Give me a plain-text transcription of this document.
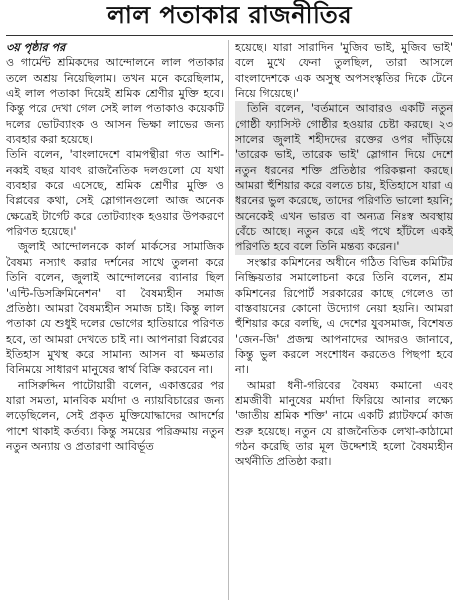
লাল পতাকার রাজনীতির

৩য় পৃষ্ঠার পর

ও গার্মেন্ট শ্রমিকদের আন্দোলনে লাল পতাকার তলে অশ্রয় নিয়েছিলাম। তখন মনে করেছিলাম, এই লাল পতাকা দিয়েই শ্রমিক শ্রেণীর মুক্তি হবে। কিন্তু পরে দেখা গেল সেই লাল পতাকাও কয়েকটি দলের ভোটব্যাংক ও আসন ভিক্ষা লাভের জন্য ব্যবহার করা হয়েছে।

তিনি বলেন, 'বাংলাদেশে বামপন্থীরা গত আশি-নব্বই বছর যাবৎ রাজনৈতিক দলগুলো যে যথা ব্যবহার করে এসেছে, শ্রমিক শ্রেণীর মুক্তি ও বিপ্লবের কথা, সেই স্লোগানগুলো আজ অনেক ক্ষেত্রেই টার্গেট করে তোটব্যাংক হওয়ার উপকরণে পরিণত হয়েছে।'

জুলাই আন্দোলনকে কার্ল মার্কসের সামাজিক বৈষম্য নস্যাৎ করার দর্শনের সাথে তুলনা করে তিনি বলেন, জুলাই আন্দোলনের ব্যানার ছিল 'এন্টি-ডিসক্রিমিনেশন' বা বৈষম্যহীন সমাজ প্রতিষ্ঠা। আমরা বৈষম্যহীন সমাজ চাই। কিন্তু লাল পতাকা যে শুধুই দলের ভোগের হাতিয়ারে পরিণত হবে, তা আমরা দেখতে চাই না। আপনারা বিপ্লবের ইতিহাস মুখস্থ করে সামান্য আসন বা ক্ষমতার বিনিময়ে সাধারণ মানুষের স্বার্থ বিক্রি করবেন না।

নাসিরুদ্দিন পাটোয়ারী বলেন, একাত্তরের পর যারা সমতা, মানবিক মর্যাদা ও ন্যায়বিচারের জন্য লড়েছিলেন, সেই প্রকৃত মুক্তিযোদ্ধাদের আদর্শের পাশে থাকাই কর্তব্য। কিন্তু সময়ের পরিক্রমায় নতুন নতুন অন্যায় ও প্রতারণা আবির্ভূত

হয়েছে। যারা সারাদিন 'মুজিব ভাই, মুজিব ভাই' বলে মুখে ফেনা তুলছিল, তারা আসলে বাংলাদেশকে এক অসুস্থ অপসংস্কৃতির দিকে টেনে নিয়ে গিয়েছে।'

তিনি বলেন, 'বর্তমানে আবারও একটি নতুন গোষ্ঠী ফ্যাসিস্ট গোষ্ঠীর হওয়ার চেষ্টা করছে। ২৩ সালের জুলাই শহীদদের রক্তের ওপর দাঁড়িয়ে 'তারেক ভাই, তারেক ভাই' স্লোগান দিয়ে দেশে নতুন ধরনের শক্তি প্রতিষ্ঠার পরিকল্পনা করছে। আমরা হুঁশিয়ার করে বলতে চায়, ইতিহাসে যারা এ ধরনের ভুল করেছে, তাদের পরিণতি ভালো হয়নি; অনেকেই এখন ভারত বা অন্যত্র নিঃস্ব অবস্থায় বেঁচে আছে। নতুন করে এই পথে হাঁটলে একই পরিণতি হবে বলে তিনি মন্তব্য করেন।'

সংস্কার কমিশনের অধীনে গঠিত বিভিন্ন কমিটির নিষ্ক্রিয়তার সমালোচনা করে তিনি বলেন, শ্রম কমিশনের রিপোর্ট সরকারের কাছে গেলেও তা বাস্তবায়নের কোনো উদ্যোগ নেয়া হয়নি। আমরা হুঁশিয়ার করে বলছি, এ দেশের যুবসমাজ, বিশেষত 'জেন-জি' প্রজন্ম আপনাদের আদরও জানাবে, কিন্তু ভুল করলে সংশোধন করতেও পিছপা হবে না।

আমরা ধনী-গরিবের বৈষম্য কমানো এবং শ্রমজীবী মানুষের মর্যাদা ফিরিয়ে আনার লক্ষ্যে 'জাতীয় শ্রমিক শক্তি' নামে একটি প্ল্যাটফর্মে কাজ শুরু হয়েছে। নতুন যে রাজনৈতিক লেখা-কাঠামো গঠন করেছি তার মূল উদ্দেশ্যই হলো বৈষম্যহীন অর্থনীতি প্রতিষ্ঠা করা।
